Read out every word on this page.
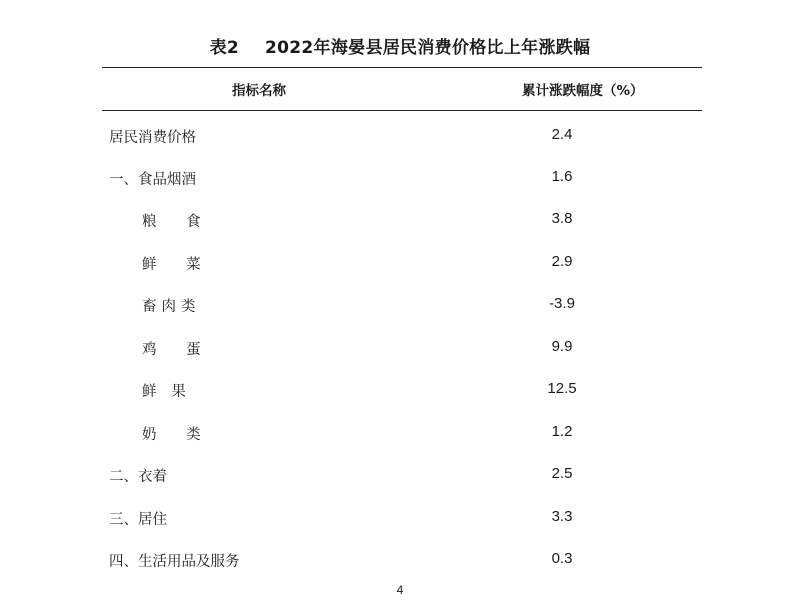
表2 2022年海晏县居民消费价格比上年涨跌幅
指标名称	累计涨跌幅度（%）
居民消费价格	2.4
一、食品烟酒	1.6
粮　　食	3.8
鲜　　菜	2.9
畜 肉 类	-3.9
鸡　　蛋	9.9
鲜　果	12.5
奶　　类	1.2
二、衣着	2.5
三、居住	3.3
四、生活用品及服务	0.3
4
